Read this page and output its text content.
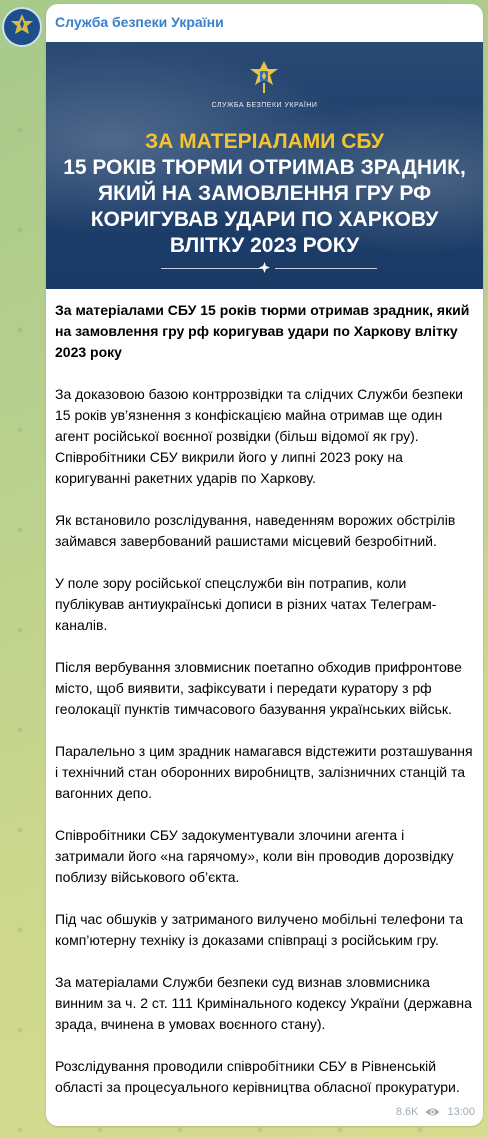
Служба безпеки України
СЛУЖБА БЕЗПЕКИ УКРАЇНИ
ЗА МАТЕРІАЛАМИ СБУ
15 РОКІВ ТЮРМИ ОТРИМАВ ЗРАДНИК,
ЯКИЙ НА ЗАМОВЛЕННЯ ГРУ РФ
КОРИГУВАВ УДАРИ ПО ХАРКОВУ
ВЛІТКУ 2023 РОКУ

За матеріалами СБУ 15 років тюрми отримав зрадник, який на замовлення гру рф коригував удари по Харкову влітку 2023 року

За доказовою базою контррозвідки та слідчих Служби безпеки 15 років ув’язнення з конфіскацією майна отримав ще один агент російської воєнної розвідки (більш відомої як гру). Співробітники СБУ викрили його у липні 2023 року на коригуванні ракетних ударів по Харкову.

Як встановило розслідування, наведенням ворожих обстрілів займався завербований рашистами місцевий безробітний.

У поле зору російської спецслужби він потрапив, коли публікував антиукраїнські дописи в різних чатах Телеграм-каналів.

Після вербування зловмисник поетапно обходив прифронтове місто, щоб виявити, зафіксувати і передати куратору з рф геолокації пунктів тимчасового базування українських військ.

Паралельно з цим зрадник намагався відстежити розташування і технічний стан оборонних виробництв, залізничних станцій та вагонних депо.

Співробітники СБУ задокументували злочини агента і затримали його «на гарячому», коли він проводив дорозвідку поблизу військового об’єкта.

Під час обшуків у затриманого вилучено мобільні телефони та комп’ютерну техніку із доказами співпраці з російським гру.

За матеріалами Служби безпеки суд визнав зловмисника винним за ч. 2 ст. 111 Кримінального кодексу України (державна зрада, вчинена в умовах воєнного стану).

Розслідування проводили співробітники СБУ в Рівненській області за процесуального керівництва обласної прокуратури.

8.6K	13:00
